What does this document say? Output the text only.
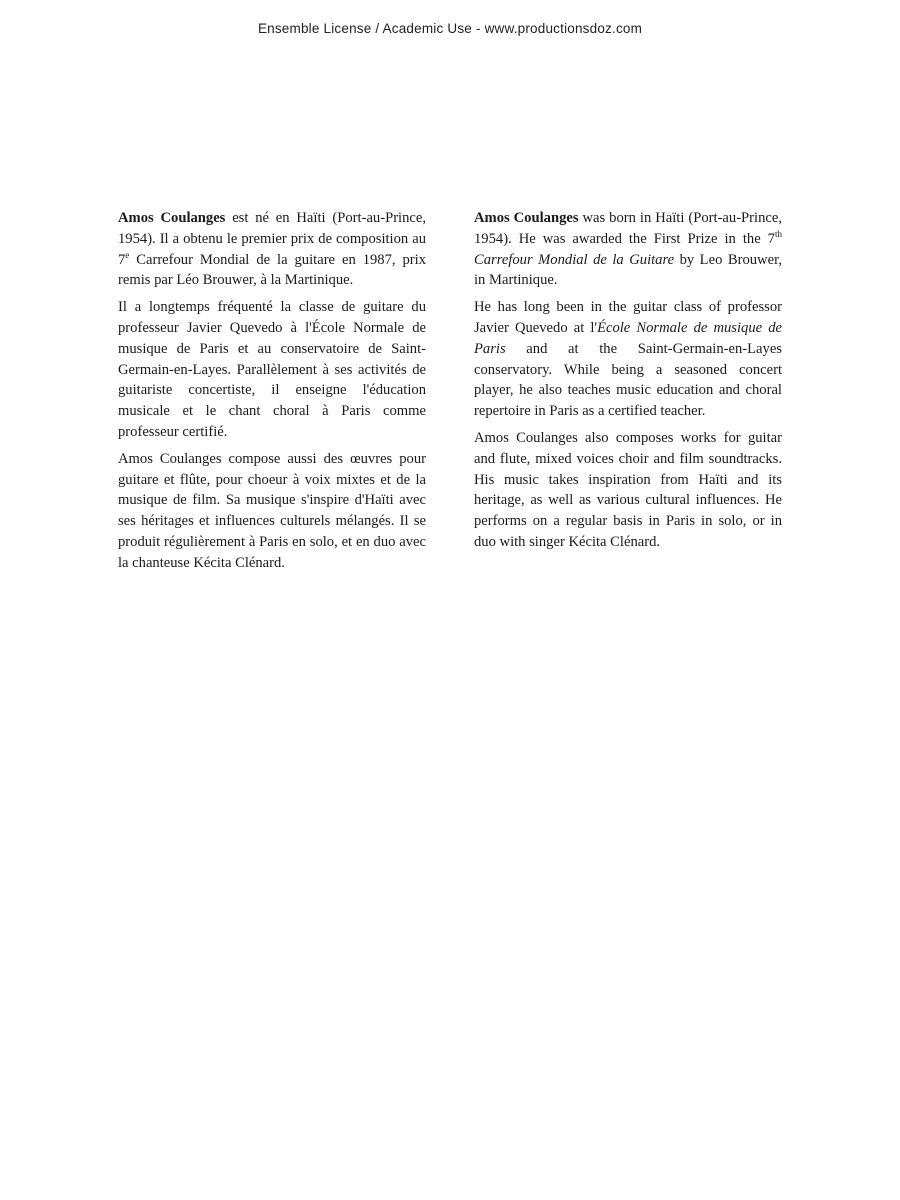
Ensemble License / Academic Use - www.productionsdoz.com

Amos Coulanges est né en Haïti (Port-au-Prince, 1954). Il a obtenu le premier prix de composition au 7e Carrefour Mondial de la guitare en 1987, prix remis par Léo Brouwer, à la Martinique.

Il a longtemps fréquenté la classe de guitare du professeur Javier Quevedo à l'École Normale de musique de Paris et au conservatoire de Saint-Germain-en-Layes. Parallèlement à ses activités de guitariste concertiste, il enseigne l'éducation musicale et le chant choral à Paris comme professeur certifié.

Amos Coulanges compose aussi des œuvres pour guitare et flûte, pour choeur à voix mixtes et de la musique de film. Sa musique s'inspire d'Haïti avec ses héritages et influences culturels mélangés. Il se produit régulièrement à Paris en solo, et en duo avec la chanteuse Kécita Clénard.

Amos Coulanges was born in Haïti (Port-au-Prince, 1954). He was awarded the First Prize in the 7th Carrefour Mondial de la Guitare by Leo Brouwer, in Martinique.

He has long been in the guitar class of professor Javier Quevedo at l'École Normale de musique de Paris and at the Saint-Germain-en-Layes conservatory. While being a seasoned concert player, he also teaches music education and choral repertoire in Paris as a certified teacher.

Amos Coulanges also composes works for guitar and flute, mixed voices choir and film soundtracks. His music takes inspiration from Haïti and its heritage, as well as various cultural influences. He performs on a regular basis in Paris in solo, or in duo with singer Kécita Clénard.
